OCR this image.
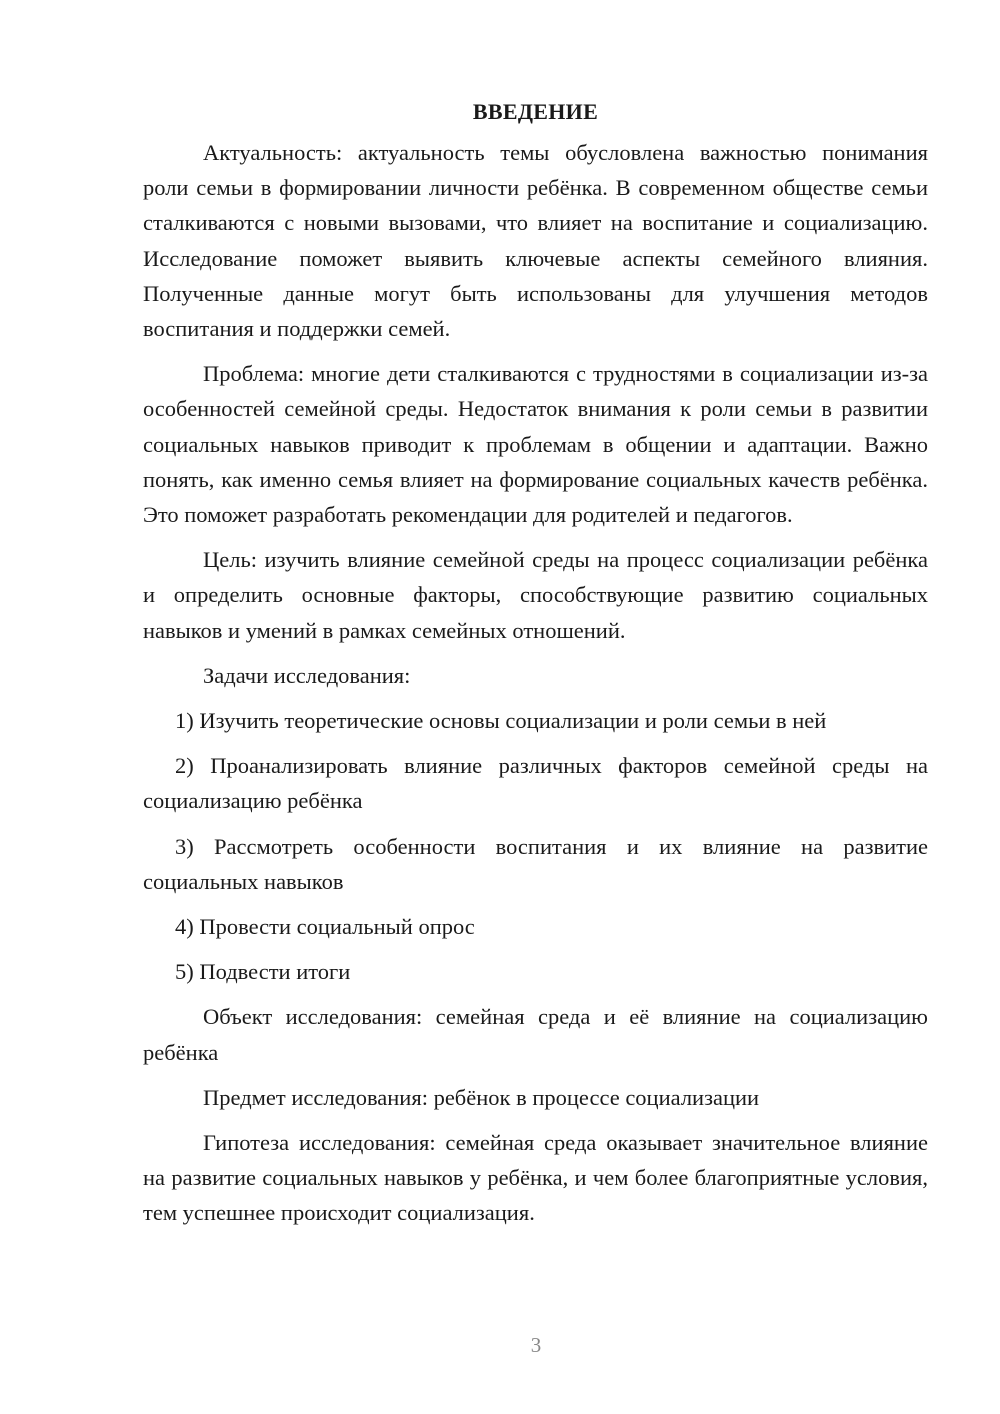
ВВЕДЕНИЕ

Актуальность: актуальность темы обусловлена важностью понимания роли семьи в формировании личности ребёнка. В современном обществе семьи сталкиваются с новыми вызовами, что влияет на воспитание и социализацию. Исследование поможет выявить ключевые аспекты семейного влияния. Полученные данные могут быть использованы для улучшения методов воспитания и поддержки семей.

Проблема: многие дети сталкиваются с трудностями в социализации из-за особенностей семейной среды. Недостаток внимания к роли семьи в развитии социальных навыков приводит к проблемам в общении и адаптации. Важно понять, как именно семья влияет на формирование социальных качеств ребёнка. Это поможет разработать рекомендации для родителей и педагогов.

Цель: изучить влияние семейной среды на процесс социализации ребёнка и определить основные факторы, способствующие развитию социальных навыков и умений в рамках семейных отношений.

Задачи исследования:

1) Изучить теоретические основы социализации и роли семьи в ней

2) Проанализировать влияние различных факторов семейной среды на социализацию ребёнка

3) Рассмотреть особенности воспитания и их влияние на развитие социальных навыков

4) Провести социальный опрос

5) Подвести итоги

Объект исследования: семейная среда и её влияние на социализацию ребёнка

Предмет исследования: ребёнок в процессе социализации

Гипотеза исследования: семейная среда оказывает значительное влияние на развитие социальных навыков у ребёнка, и чем более благоприятные условия, тем успешнее происходит социализация.

3
